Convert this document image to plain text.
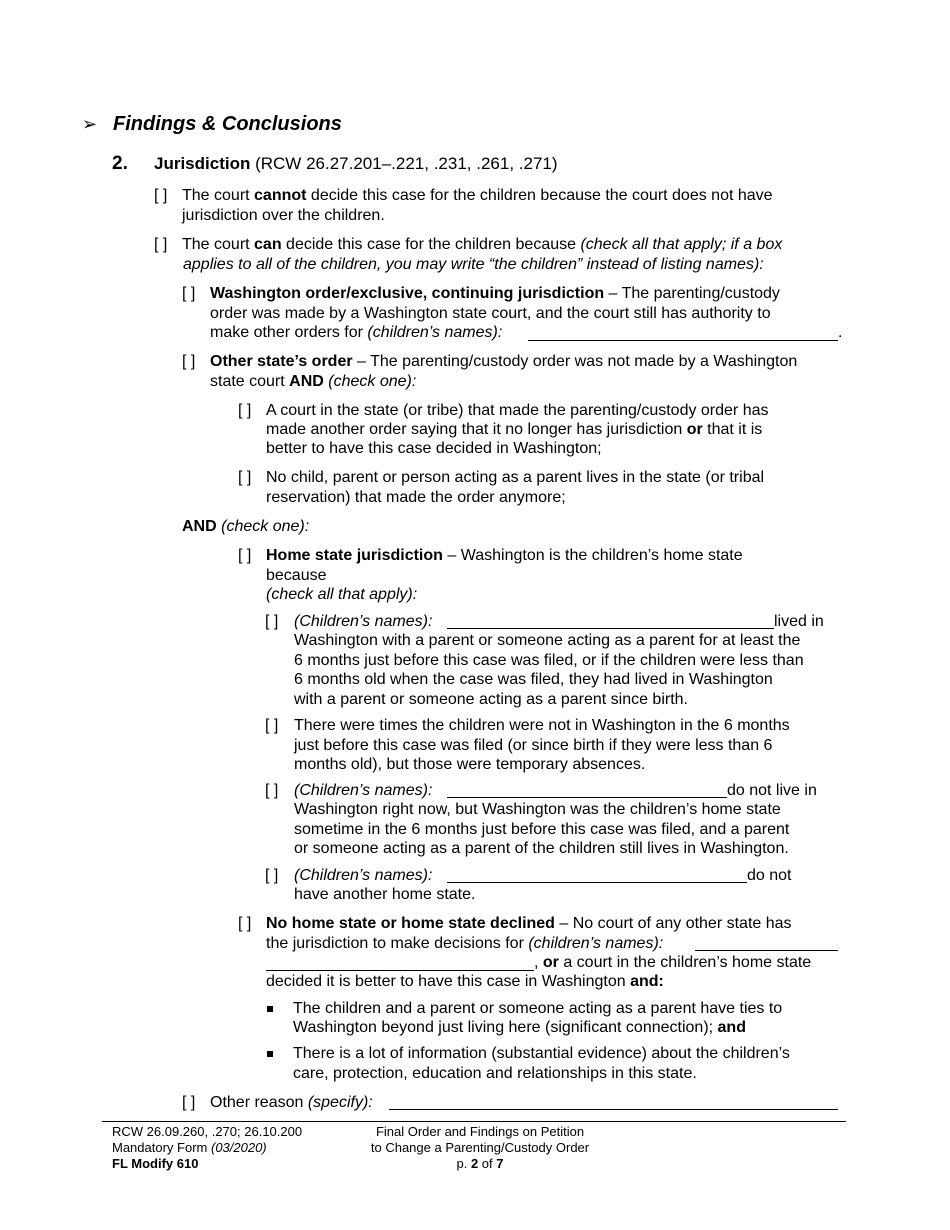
➢ Findings & Conclusions
2. Jurisdiction (RCW 26.27.201–.221, .231, .261, .271)
[ ] The court cannot decide this case for the children because the court does not have
jurisdiction over the children.
[ ] The court can decide this case for the children because (check all that apply; if a box
applies to all of the children, you may write “the children” instead of listing names):
[ ] Washington order/exclusive, continuing jurisdiction – The parenting/custody
order was made by a Washington state court, and the court still has authority to
make other orders for (children’s names):	.
[ ] Other state’s order – The parenting/custody order was not made by a Washington
state court AND (check one):
[ ] A court in the state (or tribe) that made the parenting/custody order has
made another order saying that it no longer has jurisdiction or that it is
better to have this case decided in Washington;
[ ] No child, parent or person acting as a parent lives in the state (or tribal
reservation) that made the order anymore;
AND (check one):
[ ] Home state jurisdiction – Washington is the children’s home state
because
(check all that apply):
[ ] (Children’s names):	lived in
Washington with a parent or someone acting as a parent for at least the
6 months just before this case was filed, or if the children were less than
6 months old when the case was filed, they had lived in Washington
with a parent or someone acting as a parent since birth.
[ ] There were times the children were not in Washington in the 6 months
just before this case was filed (or since birth if they were less than 6
months old), but those were temporary absences.
[ ] (Children’s names):	do not live in
Washington right now, but Washington was the children’s home state
sometime in the 6 months just before this case was filed, and a parent
or someone acting as a parent of the children still lives in Washington.
[ ] (Children’s names):	do not
have another home state.
[ ] No home state or home state declined – No court of any other state has
the jurisdiction to make decisions for (children’s names):
, or a court in the children’s home state
decided it is better to have this case in Washington and:
The children and a parent or someone acting as a parent have ties to
Washington beyond just living here (significant connection); and
There is a lot of information (substantial evidence) about the children’s
care, protection, education and relationships in this state.
[ ] Other reason (specify):
RCW 26.09.260, .270; 26.10.200
Mandatory Form (03/2020)
FL Modify 610
Final Order and Findings on Petition
to Change a Parenting/Custody Order
p. 2 of 7
